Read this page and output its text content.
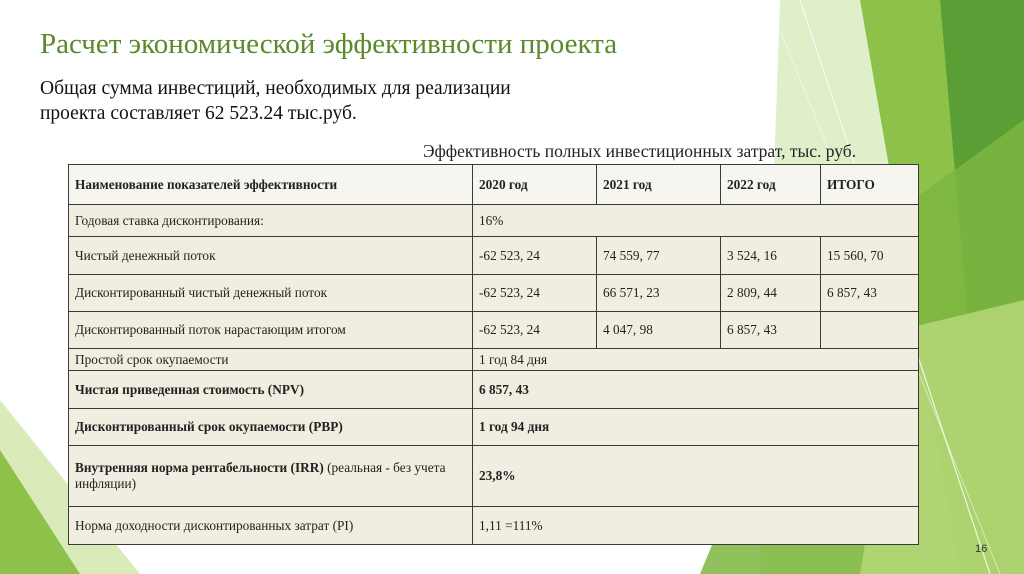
Расчет экономической эффективности проекта
Общая сумма инвестиций, необходимых для реализации
проекта составляет 62 523.24 тыс.руб.
Эффективность полных инвестиционных затрат, тыс. руб.
Наименование показателей эффективности	2020 год	2021 год	2022 год	ИТОГО
Годовая ставка дисконтирования:	16%			
Чистый денежный поток	-62 523, 24	74 559, 77	3 524, 16	15 560, 70
Дисконтированный чистый денежный поток	-62 523, 24	66 571, 23	2 809, 44	6 857, 43
Дисконтированный поток нарастающим итогом	-62 523, 24	4 047, 98	6 857, 43	
Простой срок окупаемости	1 год 84 дня			
Чистая приведенная стоимость (NPV)	6 857, 43			
Дисконтированный срок окупаемости (PBP)	1 год 94 дня			
Внутренняя норма рентабельности (IRR) (реальная - без учета инфляции)	23,8%			
Норма доходности дисконтированных затрат (PI)	1,11 =111%			
16
